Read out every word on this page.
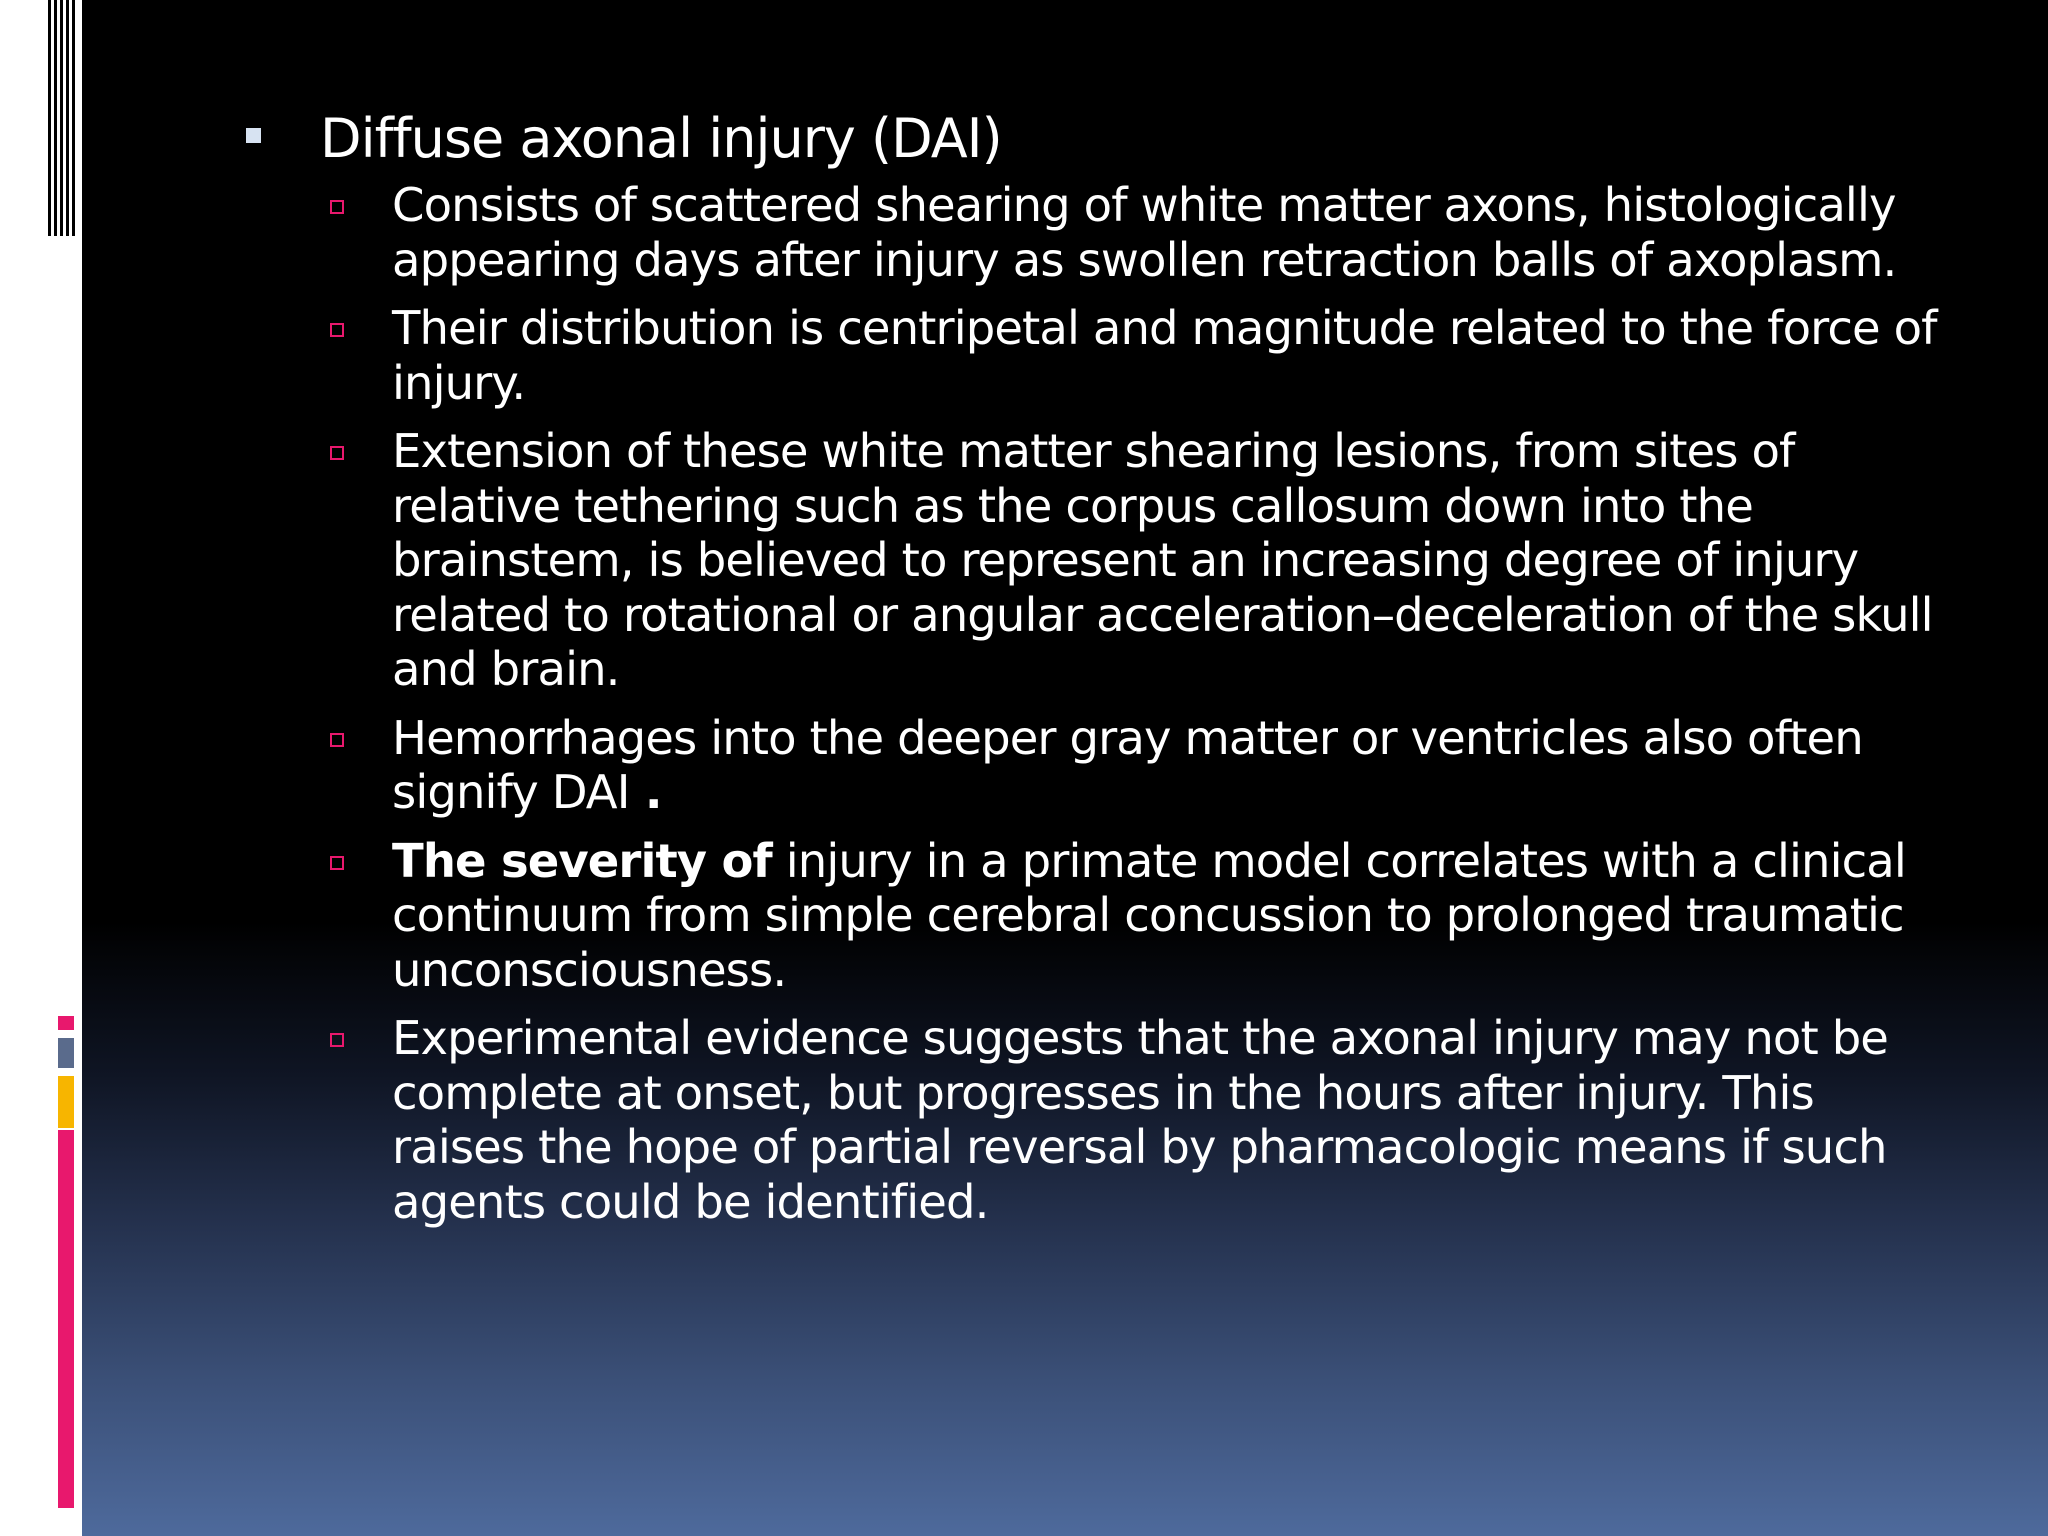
Diffuse axonal injury (DAI)
Consists of scattered shearing of white matter axons, histologically appearing days after injury as swollen retraction balls of axoplasm.
Their distribution is centripetal and magnitude related to the force of injury.
Extension of these white matter shearing lesions, from sites of relative tethering such as the corpus callosum down into the brainstem, is believed to represent an increasing degree of injury related to rotational or angular acceleration–deceleration of the skull and brain.
Hemorrhages into the deeper gray matter or ventricles also often signify DAI .
The severity of injury in a primate model correlates with a clinical continuum from simple cerebral concussion to prolonged traumatic unconsciousness.
Experimental evidence suggests that the axonal injury may not be complete at onset, but progresses in the hours after injury. This raises the hope of partial reversal by pharmacologic means if such agents could be identified.
